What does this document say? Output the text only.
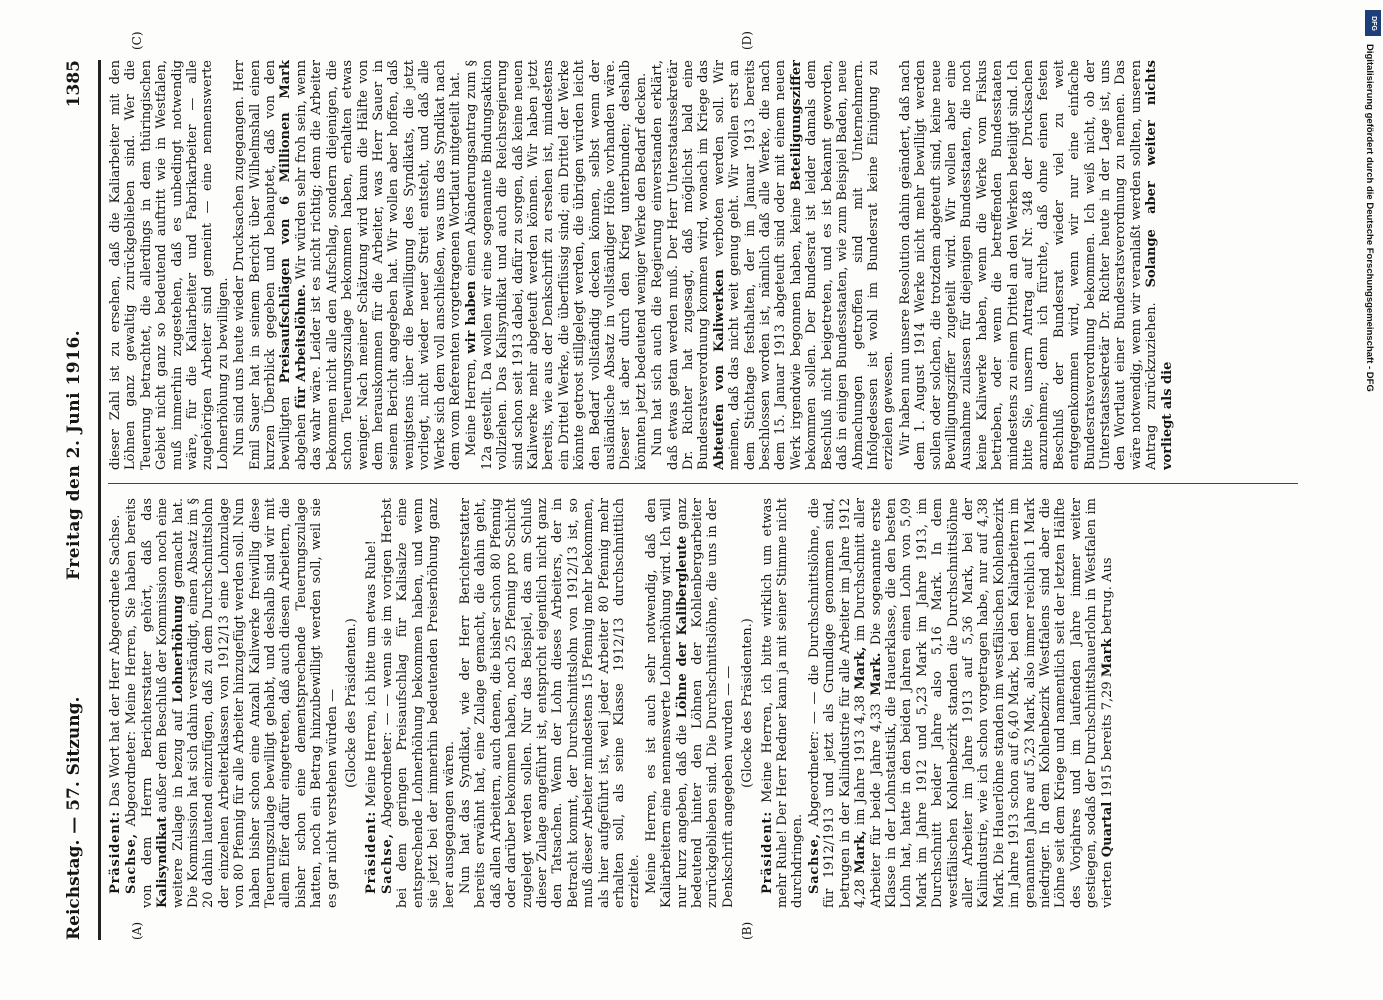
Reichstag. — 57. Sitzung.
Freitag den 2. Juni 1916.
1385
(A)	(B)
(C)	(D)

Präsident: Das Wort hat der Herr Abgeordnete Sachse.

Sachse, Abgeordneter: Meine Herren, Sie haben bereits von dem Herrn Berichterstatter gehört, daß das Kalisyndikat außer dem Beschluß der Kommission noch eine weitere Zulage in bezug auf Lohnerhöhung gemacht hat. Die Kommission hat sich dahin verständigt, einen Absatz im § 20 dahin lautend einzufügen, daß zu dem Durchschnittslohn der einzelnen Arbeiterklassen von 1912/13 eine Lohnzulage von 80 Pfennig für alle Arbeiter hinzugefügt werden soll. Nun haben bisher schon eine Anzahl Kaliwerke freiwillig diese Teuerungszulage bewilligt gehabt, und deshalb sind wir mit allem Eifer dafür eingetreten, daß auch diesen Arbeitern, die bisher schon eine dementsprechende Teuerungszulage hatten, noch ein Betrag hinzubewilligt werden soll, weil sie es gar nicht verstehen würden — (Glocke des Präsidenten.)

Präsident: Meine Herren, ich bitte um etwas Ruhe!

Sachse, Abgeordneter: — — wenn sie im vorigen Herbst bei dem geringen Preisaufschlag für Kalisalze eine entsprechende Lohnerhöhung bekommen haben, und wenn sie jetzt bei der immerhin bedeutenden Preiserhöhung ganz leer ausgegangen wären. Nun hat das Syndikat, wie der Herr Berichterstatter bereits erwähnt hat, eine Zulage gemacht, die dahin geht, daß allen Arbeitern, auch denen, die bisher schon 80 Pfennig oder darüber bekommen haben, noch 25 Pfennig pro Schicht zugelegt werden sollen. Nur das Beispiel, das am Schluß dieser Zulage angeführt ist, entspricht eigentlich nicht ganz den Tatsachen. Wenn der Lohn dieses Arbeiters, der in Betracht kommt, der Durchschnittslohn von 1912/13 ist, so muß dieser Arbeiter mindestens 15 Pfennig mehr bekommen, als hier aufgeführt ist, weil jeder Arbeiter 80 Pfennig mehr erhalten soll, als seine Klasse 1912/13 durchschnittlich erzielte. Meine Herren, es ist auch sehr notwendig, daß den Kaliarbeitern eine nennenswerte Lohnerhöhung wird. Ich will nur kurz angeben, daß die Löhne der Kalibergleute ganz bedeutend hinter den Löhnen der Kohlenbergarbeiter zurückgeblieben sind. Die Durchschnittslöhne, die uns in der Denkschrift angegeben wurden — — (Glocke des Präsidenten.)

Präsident: Meine Herren, ich bitte wirklich um etwas mehr Ruhe! Der Herr Redner kann ja mit seiner Stimme nicht durchdringen. Sachse, Abgeordneter: — — die Durchschnittslöhne, die für 1912/1913 und jetzt als Grundlage genommen sind, betrugen in der Kaliindustrie für alle Arbeiter im Jahre 1912 4,28 Mark, im Jahre 1913 4,38 Mark, im Durchschnitt aller Arbeiter für beide Jahre 4,33 Mark. Die sogenannte erste Klasse in der Lohnstatistik, die Hauerklasse, die den besten Lohn hat, hatte in den beiden Jahren einen Lohn von 5,09 Mark im Jahre 1912 und 5,23 Mark im Jahre 1913, im Durchschnitt beider Jahre also 5,16 Mark. In dem westfälischen Kohlenbezirk standen die Durchschnittslöhne aller Arbeiter im Jahre 1913 auf 5,36 Mark, bei der Kaliindustrie, wie ich schon vorgetragen habe, nur auf 4,38 Mark. Die Hauerlöhne standen im westfälischen Kohlenbezirk im Jahre 1913 schon auf 6,40 Mark, bei den Kaliarbeitern im genannten Jahre auf 5,23 Mark, also immer reichlich 1 Mark niedriger. In dem Kohlenbezirk Westfalens sind aber die Löhne seit dem Kriege und namentlich seit der letzten Hälfte des Vorjahres und im laufenden Jahre immer weiter gestiegen, sodaß der Durchschnittshauerlohn in Westfalen im vierten Quartal 1915 bereits 7,29 Mark betrug. Aus

dieser Zahl ist zu ersehen, daß die Kaliarbeiter mit den Löhnen ganz gewaltig zurückgeblieben sind. Wer die Teuerung betrachtet, die allerdings in dem thüringischen Gebiet nicht ganz so bedeutend auftritt wie in Westfalen, muß immerhin zugestehen, daß es unbedingt notwendig wäre, für die Kaliarbeiter und Fabrikarbeiter — alle zugehörigen Arbeiter sind gemeint — eine nennenswerte Lohnerhöhung zu bewilligen. Nun sind uns heute wieder Drucksachen zugegangen. Herr Emil Sauer hat in seinem Bericht über Wilhelmshall einen kurzen Überblick gegeben und behauptet, daß von den bewilligten Preisaufschlägen von 6 Millionen Mark abgehen für Arbeitslöhne. Wir würden sehr froh sein, wenn das wahr wäre. Leider ist es nicht richtig; denn die Arbeiter bekommen nicht alle den Aufschlag, sondern diejenigen, die schon Teuerungszulage bekommen haben, erhalten etwas weniger. Nach meiner Schätzung wird kaum die Hälfte von dem herauskommen für die Arbeiter, was Herr Sauer in seinem Bericht angegeben hat. Wir wollen aber hoffen, daß wenigstens über die Bewilligung des Syndikats, die jetzt vorliegt, nicht wieder neuer Streit entsteht, und daß alle Werke sich dem voll anschließen, was uns das Syndikat nach dem vom Referenten vorgetragenen Wortlaut mitgeteilt hat. Meine Herren, wir haben einen Abänderungsantrag zum § 12a gestellt. Da wollen wir eine sogenannte Bindungsaktion vollziehen. Das Kalisyndikat und auch die Reichsregierung sind schon seit 1913 dabei, dafür zu sorgen, daß keine neuen Kaliwerke mehr abgeteuft werden können. Wir haben jetzt bereits, wie aus der Denkschrift zu ersehen ist, mindestens ein Drittel Werke, die überflüssig sind; ein Drittel der Werke könnte getrost stillgelegt werden, die übrigen würden leicht den Bedarf vollständig decken können, selbst wenn der ausländische Absatz in vollständiger Höhe vorhanden wäre. Dieser ist aber durch den Krieg unterbunden; deshalb könnten jetzt bedeutend weniger Werke den Bedarf decken. Nun hat sich auch die Regierung einverstanden erklärt, daß etwas getan werden muß. Der Herr Unterstaatssekretär Dr. Richter hat zugesagt, daß möglichst bald eine Bundesratsverordnung kommen wird, wonach im Kriege das Abteufen von Kaliwerken verboten werden soll. Wir meinen, daß das nicht weit genug geht. Wir wollen erst an dem Stichtage festhalten, der im Januar 1913 bereits beschlossen worden ist, nämlich daß alle Werke, die nach dem 15. Januar 1913 abgeteuft sind oder mit einem neuen Werk irgendwie begonnen haben, keine Beteiligungsziffer bekommen sollen. Der Bundesrat ist leider damals dem Beschluß nicht beigetreten, und es ist bekannt geworden, daß in einigen Bundesstaaten, wie zum Beispiel Baden, neue Abmachungen getroffen sind mit Unternehmern. Infolgedessen ist wohl im Bundesrat keine Einigung zu erzielen gewesen. Wir haben nun unsere Resolution dahin geändert, daß nach dem 1. August 1914 Werke nicht mehr bewilligt werden sollen oder solchen, die trotzdem abgeteuft sind, keine neue Bewilligungsziffer zugeteilt wird. Wir wollen aber eine Ausnahme zulassen für diejenigen Bundesstaaten, die noch keine Kaliwerke haben, wenn die Werke vom Fiskus betrieben, oder wenn die betreffenden Bundesstaaten mindestens zu einem Drittel an den Werken beteiligt sind. Ich bitte Sie, unsern Antrag auf Nr. 348 der Drucksachen anzunehmen; denn ich fürchte, daß ohne einen festen Beschluß der Bundesrat wieder viel zu weit entgegenkommen wird, wenn wir nur eine einfache Bundesratsverordnung bekommen. Ich weiß nicht, ob der Unterstaatssekretär Dr. Richter heute in der Lage ist, uns den Wortlaut einer Bundesratsverordnung zu nennen. Das wäre notwendig, wenn wir veranlaßt werden sollten, unseren Antrag zurückzuziehen. Solange aber weiter nichts vorliegt als die

DFG
Digitalisierung gefördert durch die Deutsche Forschungsgemeinschaft - DFG
